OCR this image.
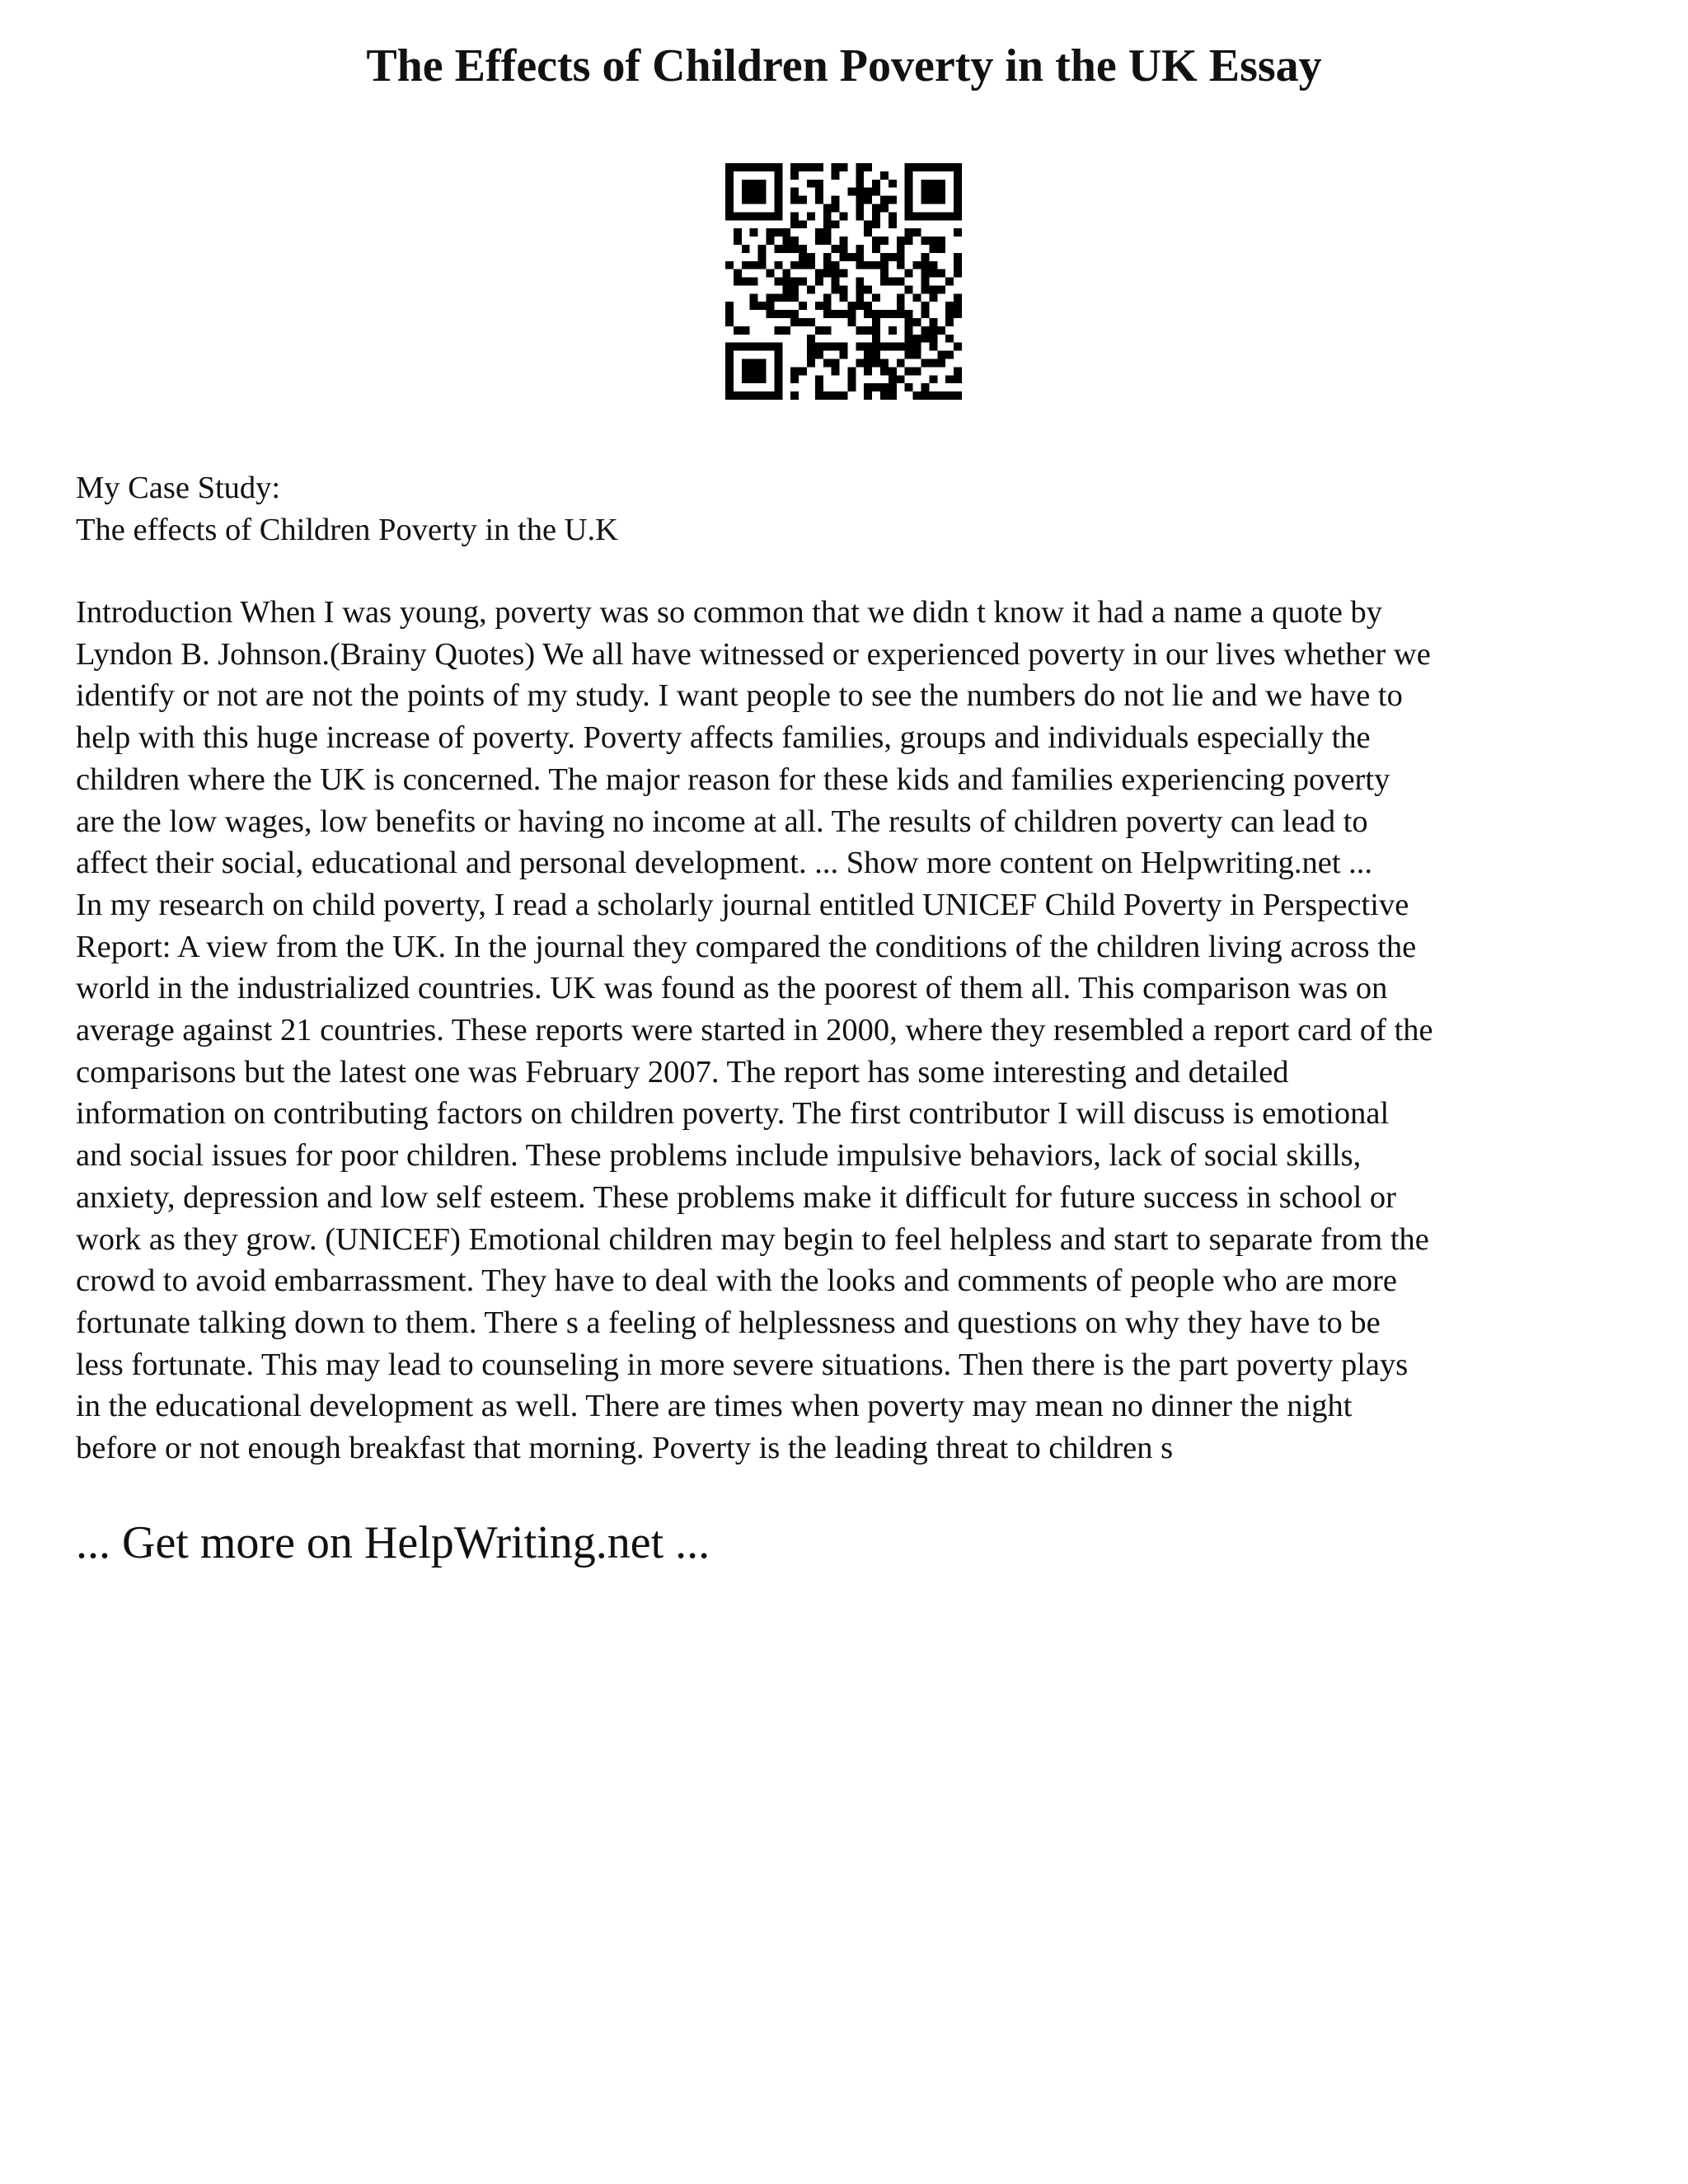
The Effects of Children Poverty in the UK Essay
My Case Study:
The effects of Children Poverty in the U.K
Introduction When I was young, poverty was so common that we didn t know it had a name a quote by
Lyndon B. Johnson.(Brainy Quotes) We all have witnessed or experienced poverty in our lives whether we
identify or not are not the points of my study. I want people to see the numbers do not lie and we have to
help with this huge increase of poverty. Poverty affects families, groups and individuals especially the
children where the UK is concerned. The major reason for these kids and families experiencing poverty
are the low wages, low benefits or having no income at all. The results of children poverty can lead to
affect their social, educational and personal development. ... Show more content on Helpwriting.net ...
In my research on child poverty, I read a scholarly journal entitled UNICEF Child Poverty in Perspective
Report: A view from the UK. In the journal they compared the conditions of the children living across the
world in the industrialized countries. UK was found as the poorest of them all. This comparison was on
average against 21 countries. These reports were started in 2000, where they resembled a report card of the
comparisons but the latest one was February 2007. The report has some interesting and detailed
information on contributing factors on children poverty. The first contributor I will discuss is emotional
and social issues for poor children. These problems include impulsive behaviors, lack of social skills,
anxiety, depression and low self esteem. These problems make it difficult for future success in school or
work as they grow. (UNICEF) Emotional children may begin to feel helpless and start to separate from the
crowd to avoid embarrassment. They have to deal with the looks and comments of people who are more
fortunate talking down to them. There s a feeling of helplessness and questions on why they have to be
less fortunate. This may lead to counseling in more severe situations. Then there is the part poverty plays
in the educational development as well. There are times when poverty may mean no dinner the night
before or not enough breakfast that morning. Poverty is the leading threat to children s

... Get more on HelpWriting.net ...
